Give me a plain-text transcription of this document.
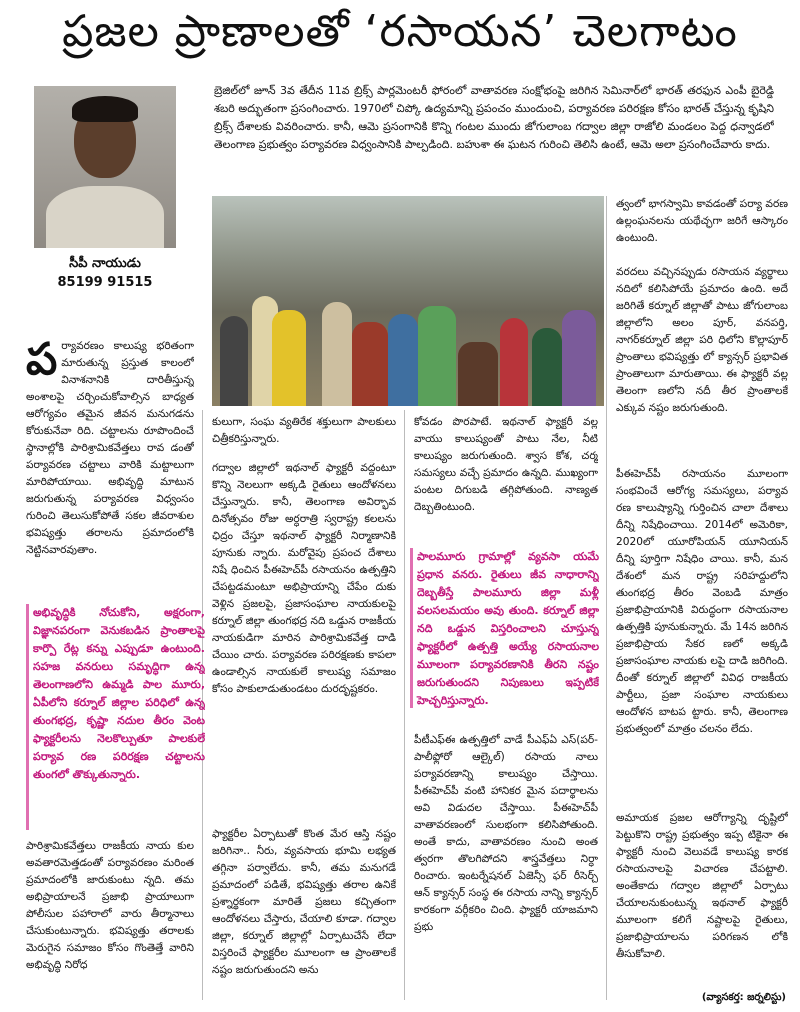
ప్రజల ప్రాణాలతో ‘రసాయన’ చెలగాటం
సీపీ నాయుడు
85199 91515
బ్రెజిల్‌లో జూన్ 3వ తేదీన 11వ బ్రిక్స్ పార్లమెంటరీ ఫోరంలో వాతావరణ సంక్షోభంపై జరిగిన సెమినార్‌లో భారత్ తరఫున ఎంపీ బైరెడ్డి శబరి అద్భుతంగా ప్రసంగించారు. 1970లో చిప్కో ఉద్యమాన్ని ప్రపంచం ముందుంచి, పర్యావరణ పరిరక్షణ కోసం భారత్ చేస్తున్న కృషిని బ్రిక్స్ దేశాలకు వివరించారు. కానీ, ఆమె ప్రసంగానికి కొన్ని గంటల ముందు జోగులాంబ గద్వాల జిల్లా రాజోలి మండలం పెద్ద ధన్వాడలో తెలంగాణ ప్రభుత్వం పర్యావరణ విధ్వంసానికి పాల్పడింది. బహుశా ఈ ఘటన గురించి తెలిసి ఉంటే, ఆమె అలా ప్రసంగించేవారు కాదు.
పర్యావరణం కాలుష్య భరితంగా మారుతున్న ప్రస్తుత కాలంలో వినాశనానికి దారితీస్తున్న అంశాలపై చర్చించుకోవాల్సిన బాధ్యత ఆరోగ్యవం తమైన జీవన మనుగడను కోరుకునేవా రిది. చట్టాలను రూపొందించే స్థానాల్లోకి పారిశ్రామికవేత్తలు రావ డంతో పర్యావరణ చట్టాలు వారికి మట్టాలుగా మారిపోయాయి. అభివృద్ధి మాటున జరుగుతున్న పర్యావరణ విధ్వంసం గురించి తెలుసుకోపోతే సకల జీవరాశుల భవిష్యత్తు తరాలను ప్రమాదంలోకి నెట్టినవారవుతాం.
అభివృద్ధికి నోచుకోని, అక్షరంగా, విజ్ఞానపరంగా వెనుకబడిన ప్రాంతాలపై కార్పొ రేట్ల కన్ను ఎప్పుడూ ఉంటుంది. సహజ వనరులు సమృద్ధిగా ఉన్న తెలంగాణలోని ఉమ్మడి పాల మూరు, ఏపీలోని కర్నూల్ జిల్లాల పరిధిలో ఉన్న తుంగభద్ర, కృష్ణా నదుల తీరం వెంట ఫ్యాక్టరీలను నెలకొల్పుతూ పాలకులే పర్యావ రణ పరిరక్షణ చట్టాలను తుంగలో తొక్కుతున్నారు.
పారిశ్రామికవేత్తలు రాజకీయ నాయ కుల అవతారమెత్తడంతో పర్యావరణం మరింత ప్రమాదంలోకి జారుకుంటు న్నది. తమ అభిప్రాయాలనే ప్రజాభి ప్రాయాలుగా పోలీసుల పహారాలో వారు తీర్మానాలు చేసుకుంటున్నారు. భవిష్యత్తు తరాలకు మెరుగైన సమాజం కోసం గొంతెత్తే వారిని అభివృద్ధి నిరోధ
కులుగా, సంఘ వ్యతిరేక శక్తులుగా పాలకులు చిత్రీకరిస్తున్నారు.
గద్వాల జిల్లాలో ఇథనాల్ ఫ్యాక్టరీ వద్దంటూ కొన్ని నెలలుగా అక్కడి రైతులు ఆందోళనలు చేస్తున్నారు. కానీ, తెలంగాణ అవిర్భావ దినోత్సవం రోజు అర్ధరాత్రి స్వరాష్ట్ర కలలను ఛిద్రం చేస్తూ ఇథనాల్ ఫ్యాక్టరీ నిర్మాణానికి పూనుకు న్నారు. మరోవైపు ప్రపంచ దేశాలు నిషే ధించిన పీఈహెచ్‌పీ రసాయనం ఉత్పత్తిని చేపట్టడమంటూ అభిప్రాయాన్ని చేపేం దుకు వెళ్లిన ప్రజలపై, ప్రజాసంఘాల నాయకులపై కర్నూల్ జిల్లా తుంగభద్ర నది ఒడ్డున రాజకీయ నాయకుడిగా మారిన పారిశ్రామికవేత్త దాడి చేయిం చారు. పర్యావరణ పరిరక్షణకు కాపలా ఉండాల్సిన నాయకులే కాలుష్య సమాజం కోసం పాకులాడుతుండటం దురదృష్టకరం.
ఫ్యాక్టరీల ఏర్పాటుతో కొంత మేర ఆస్తి నష్టం జరిగినా.. నీరు, వ్యవసాయ భూమి లభ్యత తగ్గినా పర్వాలేదు. కానీ, తమ మనుగడే ప్రమాదంలో పడితే, భవిష్యత్తు తరాల ఉనికే ప్రశ్నార్థకంగా మారితే ప్రజలు కచ్చితంగా ఆందోళనలు చేస్తారు, చేయాలి కూడా. గద్వాల జిల్లా, కర్నూల్ జిల్లాల్లో ఏర్పాటుచేసే లేదా విస్తరించే ఫ్యాక్టరీల మూలంగా ఆ ప్రాంతాలకే నష్టం జరుగుతుందని అను
కోవడం పొరపాటే. ఇథనాల్ ఫ్యాక్టరీ వల్ల వాయు కాలుష్యంతో పాటు నేల, నీటి కాలుష్యం జరుగుతుంది. శ్వాస కోశ, చర్మ సమస్యలు వచ్చే ప్రమాదం ఉన్నది. ముఖ్యంగా పంటల దిగుబడి తగ్గిపోతుంది. నాణ్యత దెబ్బతింటుంది.
పాలమూరు గ్రామాల్లో వ్యవసా యమే ప్రధాన వనరు. రైతులు జీవ నాధారాన్ని దెబ్బతీస్తే పాలమూరు జిల్లా మళ్లీ వలసలమయం అవు తుంది. కర్నూల్ జిల్లా నది ఒడ్డున విస్తరించాలని చూస్తున్న ఫ్యాక్టరీలో ఉత్పత్తి అయ్యే రసాయనాల మూలంగా పర్యావరణానికి తీరని నష్టం జరుగుతుందని నిపుణులు ఇప్పటికే హెచ్చరిస్తున్నారు.
పీటీఎఫ్‌ఈ ఉత్పత్తిలో వాడే పీఎఫ్‌ఏ ఎస్(పర్- పాలీఫ్లోరో ఆల్కైల్) రసాయ నాలు పర్యావరణాన్ని కాలుష్యం చేస్తాయి. పీఈహెచ్‌పీ వంటి హానికర మైన పదార్థాలను అవి విడుదల చేస్తాయి. పీఈహెచ్‌పీ వాతావరణంలో సులభంగా కలిసిపోతుంది. అంతే కాదు, వాతావరణం నుంచి అంత త్వరగా తొలగిపోదని శాస్త్రవేత్తలు నిర్ధా రించారు. ఇంటర్నేషనల్ ఏజెన్సీ ఫర్ రీసెర్చ్ ఆన్ క్యాన్సర్ సంస్థ ఈ రసాయ నాన్ని క్యాన్సర్ కారకంగా వర్గీకరిం చింది. ఫ్యాక్టరీ యాజమాని ప్రభు
త్వంలో భాగస్వామి కావడంతో పర్యా వరణ ఉల్లంఘనలను యథేచ్ఛగా జరిగే ఆస్కారం ఉంటుంది.
వరదలు వచ్చినప్పుడు రసాయన వ్యర్థాలు నదిలో కలిసిపోయే ప్రమాదం ఉంది. అదే జరిగితే కర్నూల్ జిల్లాతో పాటు జోగులాంబ జిల్లాలోని అలం పూర్, వనపర్తి, నాగర్‌కర్నూల్ జిల్లా పరి ధిలోని కొల్లాపూర్ ప్రాంతాలు భవిష్యత్తు లో క్యాన్సర్ ప్రభావిత ప్రాంతాలుగా మారుతాయి. ఈ ఫ్యాక్టరీ వల్ల తెలంగా ణలోని నదీ తీర ప్రాంతాలకే ఎక్కువ నష్టం జరుగుతుంది.
పీఈహెచ్‌పీ రసాయనం మూలంగా సంభవించే ఆరోగ్య సమస్యలు, పర్యావ రణ కాలుష్యాన్ని గుర్తించిన చాలా దేశాలు దీన్ని నిషేధించాయి. 2014లో అమెరికా, 2020లో యూరోపియన్ యూనియన్ దీన్ని పూర్తిగా నిషేధిం చాయి. కానీ, మన దేశంలో మన రాష్ట్ర సరిహద్దులోని తుంగభద్ర తీరం వెంబడి మాత్రం ప్రజాభిప్రాయానికి విరుద్ధంగా రసాయనాల ఉత్పత్తికి పూనుకున్నారు. మే 14న జరిగిన ప్రజాభిప్రాయ సేకర ణలో అక్కడి ప్రజాసంఘాల నాయకు లపై దాడి జరిగింది. దీంతో కర్నూల్ జిల్లాలో వివిధ రాజకీయ పార్టీలు, ప్రజా సంఘాల నాయకులు ఆందోళన బాటప ట్టారు. కానీ, తెలంగాణ ప్రభుత్వంలో మాత్రం చలనం లేదు.
అమాయక ప్రజల ఆరోగ్యాన్ని దృష్టిలో పెట్టుకొని రాష్ట్ర ప్రభుత్వం ఇప్ప టికైనా ఈ ఫ్యాక్టరీ నుంచి వెలువడే కాలుష్య కారక రసాయనాలపై విచారణ చేపట్టాలి. అంతేకాదు గద్వాల జిల్లాలో ఏర్పాటు చేయాలనుకుంటున్న ఇథనాల్ ఫ్యాక్టరీ మూలంగా కలిగే నష్టాలపై రైతులు, ప్రజాభిప్రాయాలను పరిగణన లోకి తీసుకోవాలి.
(వ్యాసకర్త: జర్నలిస్టు)
